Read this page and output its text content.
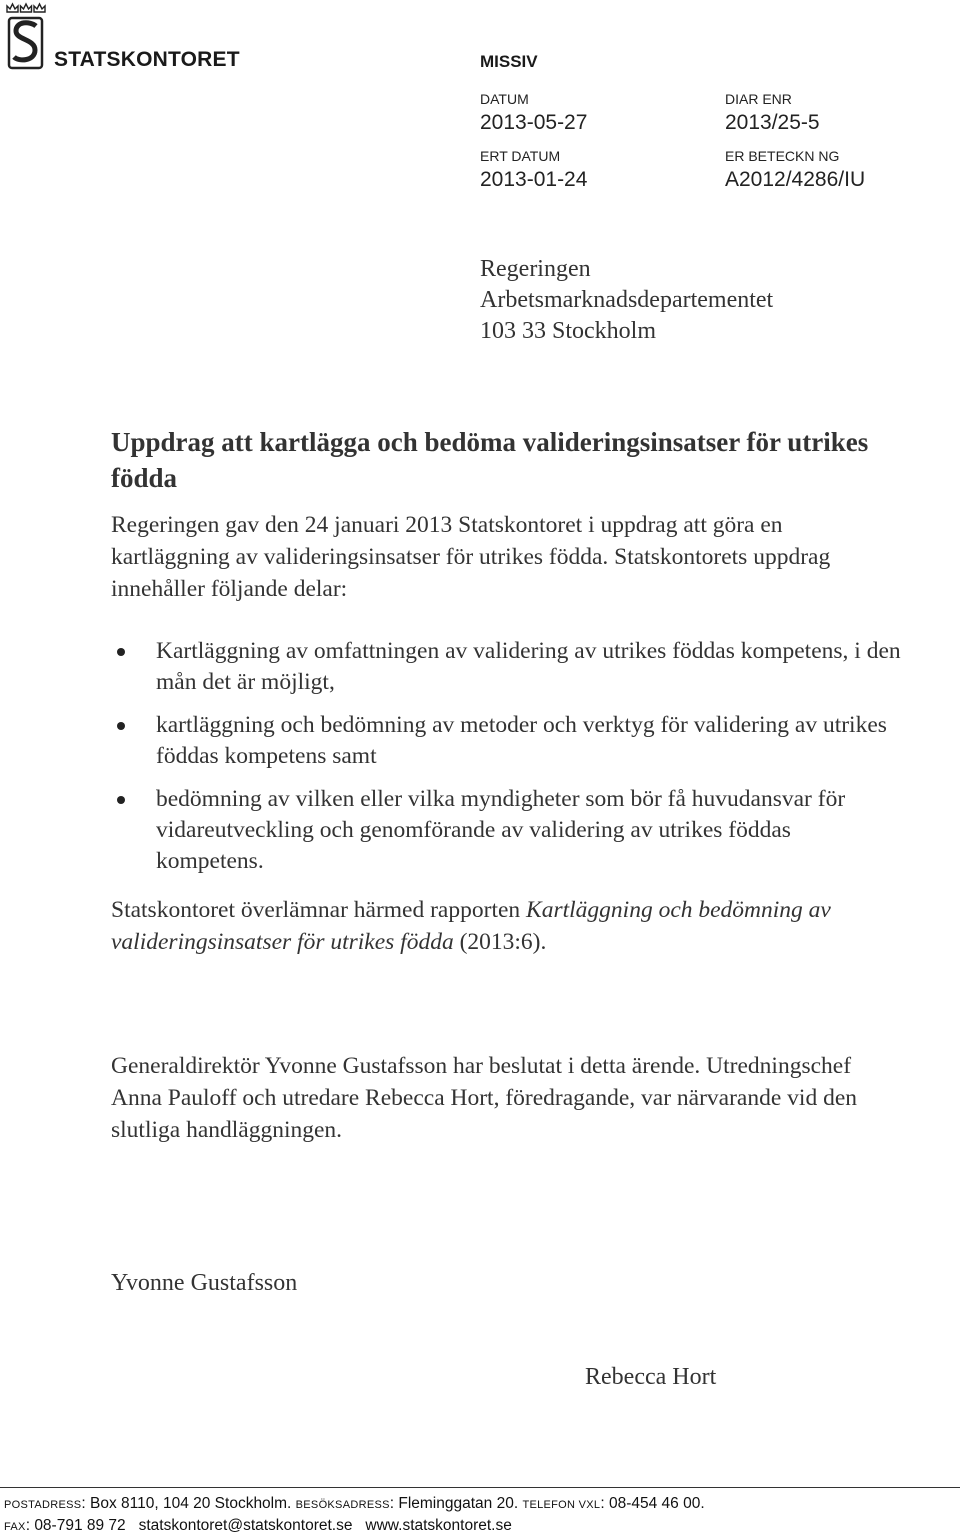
STATSKONTORET	MISSIV
DATUM
2013-05-27
DIAR ENR
2013/25-5
ERT DATUM
2013-01-24
ER BETECKN NG
A2012/4286/IU
Regeringen
Arbetsmarknadsdepartementet
103 33 Stockholm
Uppdrag att kartlägga och bedöma valideringsinsatser för utrikes födda
Regeringen gav den 24 januari 2013 Statskontoret i uppdrag att göra en kartläggning av valideringsinsatser för utrikes födda. Statskontorets uppdrag innehåller följande delar:
Kartläggning av omfattningen av validering av utrikes föddas kompetens, i den mån det är möjligt,
kartläggning och bedömning av metoder och verktyg för validering av utrikes föddas kompetens samt
bedömning av vilken eller vilka myndigheter som bör få huvudansvar för vidareutveckling och genomförande av validering av utrikes föddas kompetens.
Statskontoret överlämnar härmed rapporten Kartläggning och bedömning av valideringsinsatser för utrikes födda (2013:6).
Generaldirektör Yvonne Gustafsson har beslutat i detta ärende. Utredningschef Anna Pauloff och utredare Rebecca Hort, föredragande, var närvarande vid den slutliga handläggningen.
Yvonne Gustafsson
Rebecca Hort
POSTADRESS: Box 8110, 104 20 Stockholm. BESÖKSADRESS: Fleminggatan 20. TELEFON VXL: 08-454 46 00.
FAX: 08-791 89 72 statskontoret@statskontoret.se www.statskontoret.se
